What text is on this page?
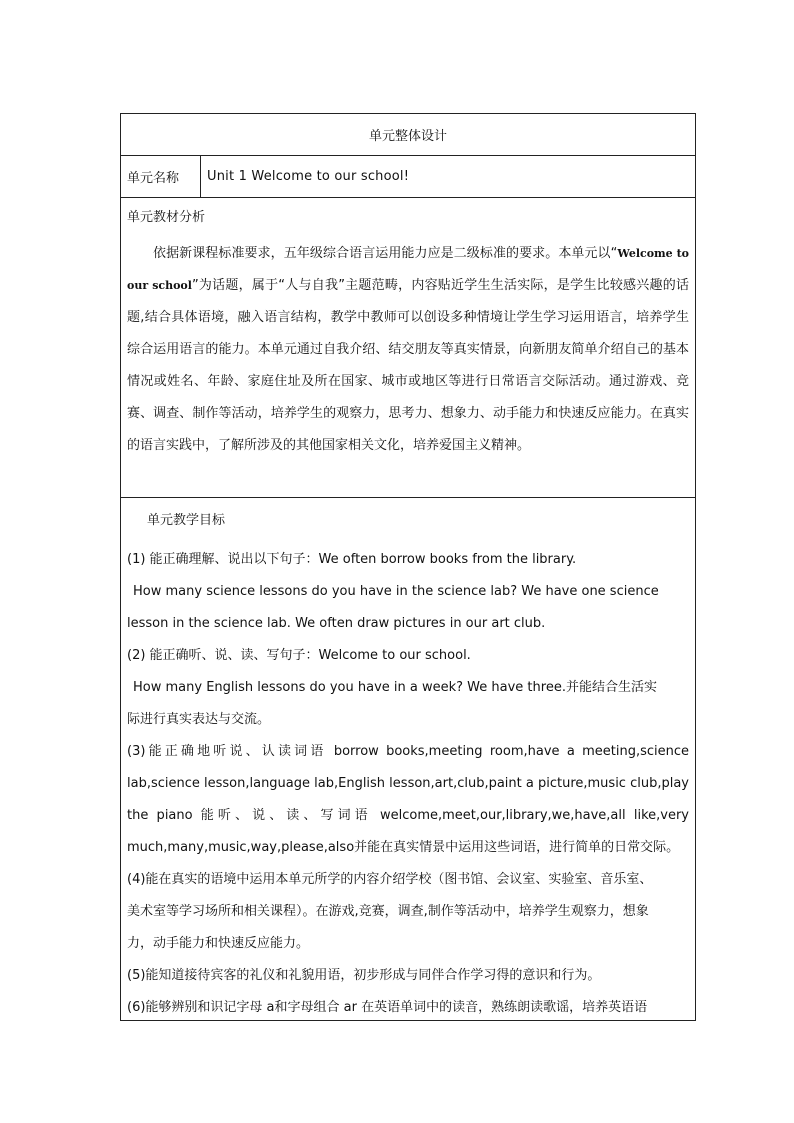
单元整体设计
单元名称	Unit 1 Welcome to our school!
单元教材分析

依据新课程标准要求，五年级综合语言运用能力应是二级标准的要求。本单元以“Welcome to our school”为话题，属于“人与自我”主题范畴，内容贴近学生生活实际，是学生比较感兴趣的话题,结合具体语境，融入语言结构，教学中教师可以创设多种情境让学生学习运用语言，培养学生综合运用语言的能力。本单元通过自我介绍、结交朋友等真实情景，向新朋友简单介绍自己的基本情况或姓名、年龄、家庭住址及所在国家、城市或地区等进行日常语言交际活动。通过游戏、竞赛、调查、制作等活动，培养学生的观察力，思考力、想象力、动手能力和快速反应能力。在真实的语言实践中，了解所涉及的其他国家相关文化，培养爱国主义精神。

单元教学目标
(1) 能正确理解、说出以下句子：We often borrow books from the library.
How many science lessons do you have in the science lab? We have one science
lesson in the science lab. We often draw pictures in our art club.
(2) 能正确听、说、读、写句子：Welcome to our school.
How many English lessons do you have in a week? We have three.并能结合生活实
际进行真实表达与交流。
(3)能正确地听说、认读词语 borrow books,meeting room,have a meeting,science
lab,science lesson,language lab,English lesson,art,club,paint a picture,music club,play
the piano 能听、说、读、写词语 welcome,meet,our,library,we,have,all like,very
much,many,music,way,please,also并能在真实情景中运用这些词语，进行简单的日常交际。
(4)能在真实的语境中运用本单元所学的内容介绍学校（图书馆、会议室、实验室、音乐室、
美术室等学习场所和相关课程）。在游戏,竞赛，调查,制作等活动中，培养学生观察力，想象
力，动手能力和快速反应能力。
(5)能知道接待宾客的礼仪和礼貌用语，初步形成与同伴合作学习得的意识和行为。
(6)能够辨别和识记字母 a和字母组合 ar 在英语单词中的读音，熟练朗读歌谣，培养英语语
